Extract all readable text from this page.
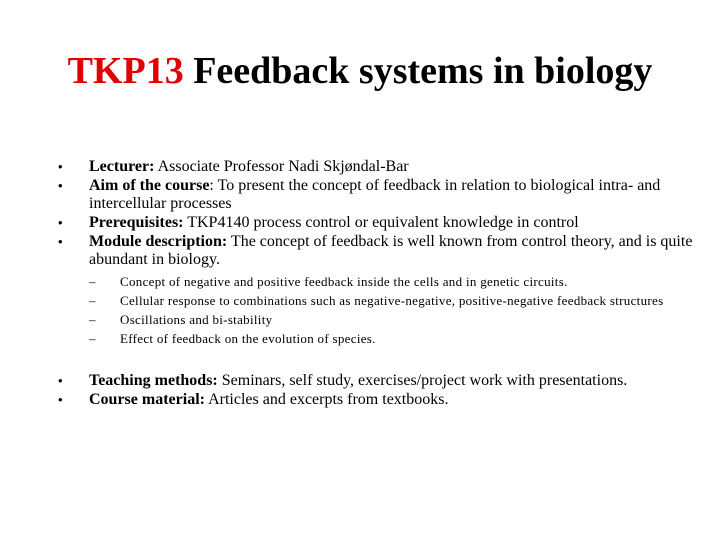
TKP13 Feedback systems in biology
• Lecturer: Associate Professor Nadi Skjøndal-Bar
• Aim of the course: To present the concept of feedback in relation to biological intra- and intercellular processes
• Prerequisites: TKP4140 process control or equivalent knowledge in control
• Module description: The concept of feedback is well known from control theory, and is quite abundant in biology.
– Concept of negative and positive feedback inside the cells and in genetic circuits.
– Cellular response to combinations such as negative-negative, positive-negative feedback structures
– Oscillations and bi-stability
– Effect of feedback on the evolution of species.
• Teaching methods: Seminars, self study, exercises/project work with presentations.
• Course material: Articles and excerpts from textbooks.
